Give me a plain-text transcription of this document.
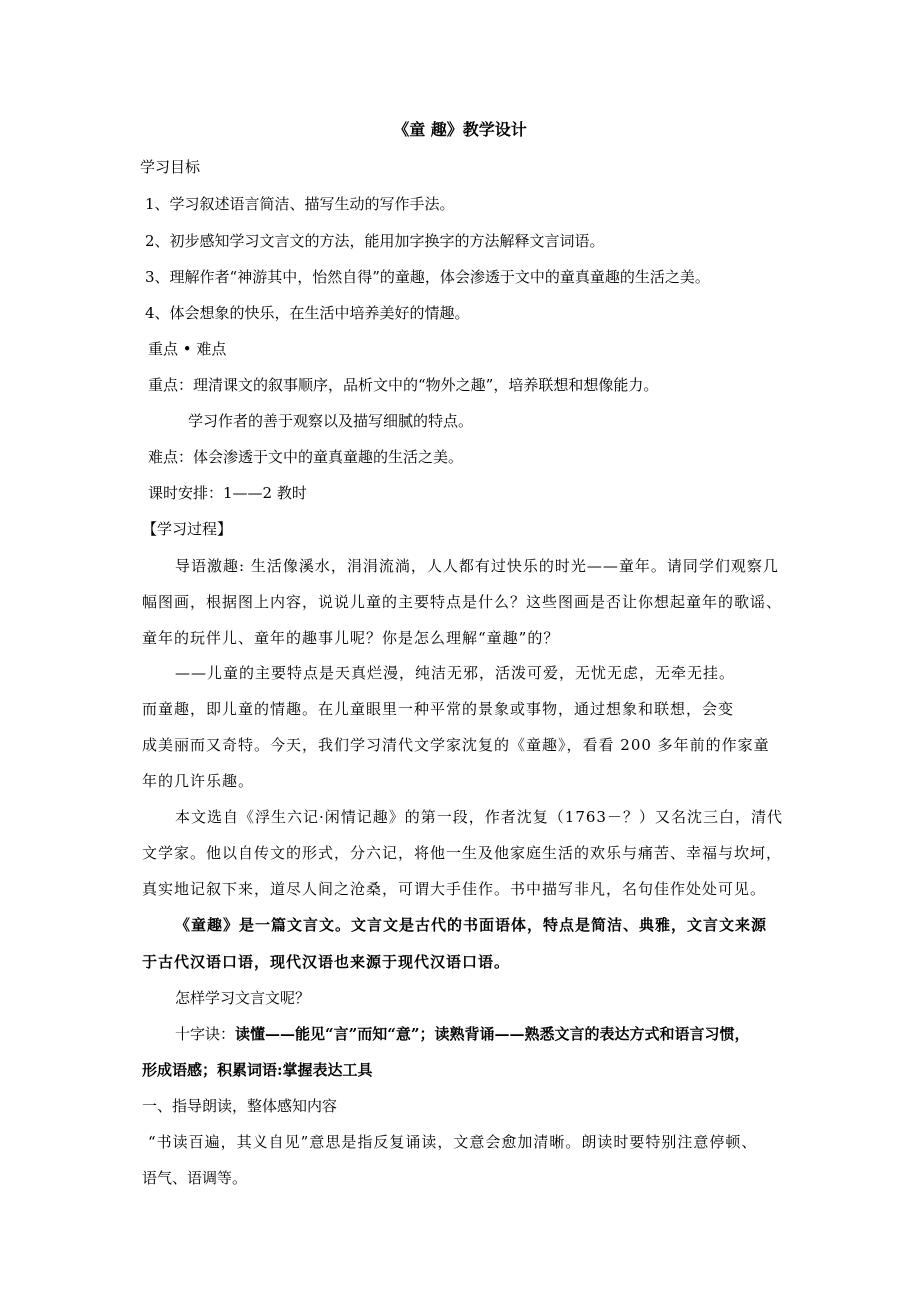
《童 趣》教学设计
学习目标
1、学习叙述语言简洁、描写生动的写作手法。
2、初步感知学习文言文的方法，能用加字换字的方法解释文言词语。
3、理解作者“神游其中，怡然自得”的童趣，体会渗透于文中的童真童趣的生活之美。
4、体会想象的快乐，在生活中培养美好的情趣。
重点 • 难点
重点：理清课文的叙事顺序，品析文中的“物外之趣”，培养联想和想像能力。
学习作者的善于观察以及描写细腻的特点。
难点：体会渗透于文中的童真童趣的生活之美。
课时安排：1——2 教时
【学习过程】
导语激趣: 生活像溪水，涓涓流淌，人人都有过快乐的时光——童年。请同学们观察几
幅图画，根据图上内容，说说儿童的主要特点是什么？这些图画是否让你想起童年的歌谣、
童年的玩伴儿、童年的趣事儿呢？你是怎么理解“童趣”的？
——儿童的主要特点是天真烂漫，纯洁无邪，活泼可爱，无忧无虑，无牵无挂。
而童趣，即儿童的情趣。在儿童眼里一种平常的景象或事物，通过想象和联想，会变
成美丽而又奇特。今天，我们学习清代文学家沈复的《童趣》，看看 200 多年前的作家童
年的几许乐趣。
本文选自《浮生六记·闲情记趣》的第一段，作者沈复（1763－？）又名沈三白，清代
文学家。他以自传文的形式，分六记，将他一生及他家庭生活的欢乐与痛苦、幸福与坎坷，
真实地记叙下来，道尽人间之沧桑，可谓大手佳作。书中描写非凡，名句佳作处处可见。
《童趣》是一篇文言文。文言文是古代的书面语体，特点是简洁、典雅，文言文来源
于古代汉语口语，现代汉语也来源于现代汉语口语。
怎样学习文言文呢？
十字诀：读懂——能见“言”而知“意”；读熟背诵——熟悉文言的表达方式和语言习惯，
形成语感；积累词语:掌握表达工具
一、指导朗读，整体感知内容
“书读百遍，其义自见”意思是指反复诵读，文意会愈加清晰。朗读时要特别注意停顿、
语气、语调等。
